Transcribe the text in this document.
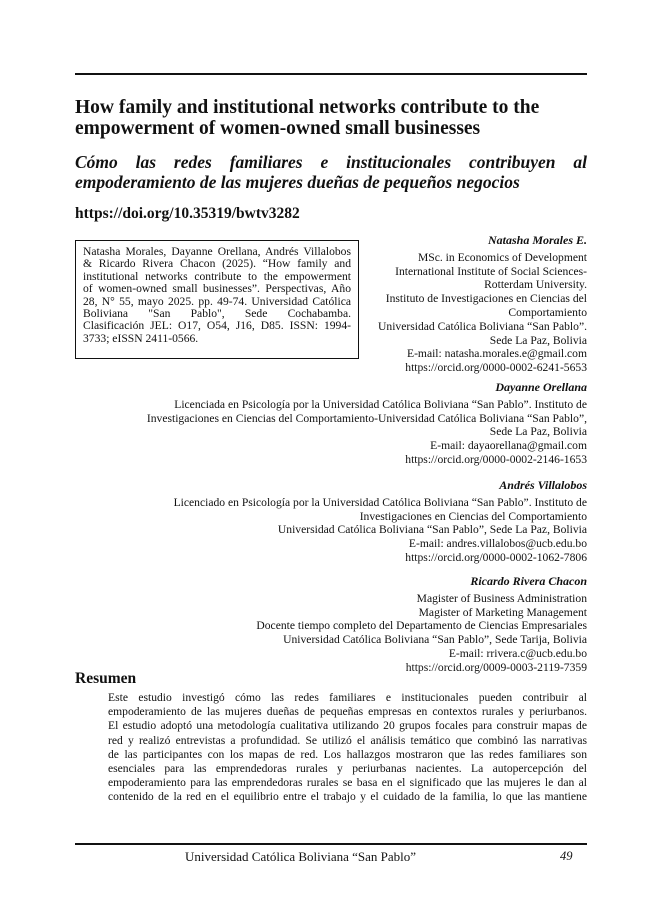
How family and institutional networks contribute to the
empowerment of women-owned small businesses
Cómo las redes familiares e institucionales contribuyen al
empoderamiento de las mujeres dueñas de pequeños negocios
https://doi.org/10.35319/bwtv3282
Natasha Morales, Dayanne Orellana, Andrés Villalobos
& Ricardo Rivera Chacon (2025). “How family and
institutional networks contribute to the empowerment
of women-owned small businesses”. Perspectivas, Año
28, N° 55, mayo 2025. pp. 49-74. Universidad Católica
Boliviana "San Pablo", Sede Cochabamba.
Clasificación JEL: O17, O54, J16, D85. ISSN: 1994-
3733; eISSN 2411-0566.
Natasha Morales E.
MSc. in Economics of Development
International Institute of Social Sciences-
Rotterdam University.
Instituto de Investigaciones en Ciencias del
Comportamiento
Universidad Católica Boliviana “San Pablo”.
Sede La Paz, Bolivia
E-mail: natasha.morales.e@gmail.com
https://orcid.org/0000-0002-6241-5653
Dayanne Orellana
Licenciada en Psicología por la Universidad Católica Boliviana “San Pablo”. Instituto de
Investigaciones en Ciencias del Comportamiento-Universidad Católica Boliviana “San Pablo”,
Sede La Paz, Bolivia
E-mail: dayaorellana@gmail.com
https://orcid.org/0000-0002-2146-1653
Andrés Villalobos
Licenciado en Psicología por la Universidad Católica Boliviana “San Pablo”. Instituto de
Investigaciones en Ciencias del Comportamiento
Universidad Católica Boliviana “San Pablo”, Sede La Paz, Bolivia
E-mail: andres.villalobos@ucb.edu.bo
https://orcid.org/0000-0002-1062-7806
Ricardo Rivera Chacon
Magister of Business Administration
Magister of Marketing Management
Docente tiempo completo del Departamento de Ciencias Empresariales
Universidad Católica Boliviana “San Pablo”, Sede Tarija, Bolivia
E-mail: rrivera.c@ucb.edu.bo
https://orcid.org/0009-0003-2119-7359
Resumen
Este estudio investigó cómo las redes familiares e institucionales pueden contribuir al
empoderamiento de las mujeres dueñas de pequeñas empresas en contextos rurales y periurbanos.
El estudio adoptó una metodología cualitativa utilizando 20 grupos focales para construir mapas de
red y realizó entrevistas a profundidad. Se utilizó el análisis temático que combinó las narrativas
de las participantes con los mapas de red. Los hallazgos mostraron que las redes familiares son
esenciales para las emprendedoras rurales y periurbanas nacientes. La autopercepción del
empoderamiento para las emprendedoras rurales se basa en el significado que las mujeres le dan al
contenido de la red en el equilibrio entre el trabajo y el cuidado de la familia, lo que las mantiene
Universidad Católica Boliviana “San Pablo”	49
